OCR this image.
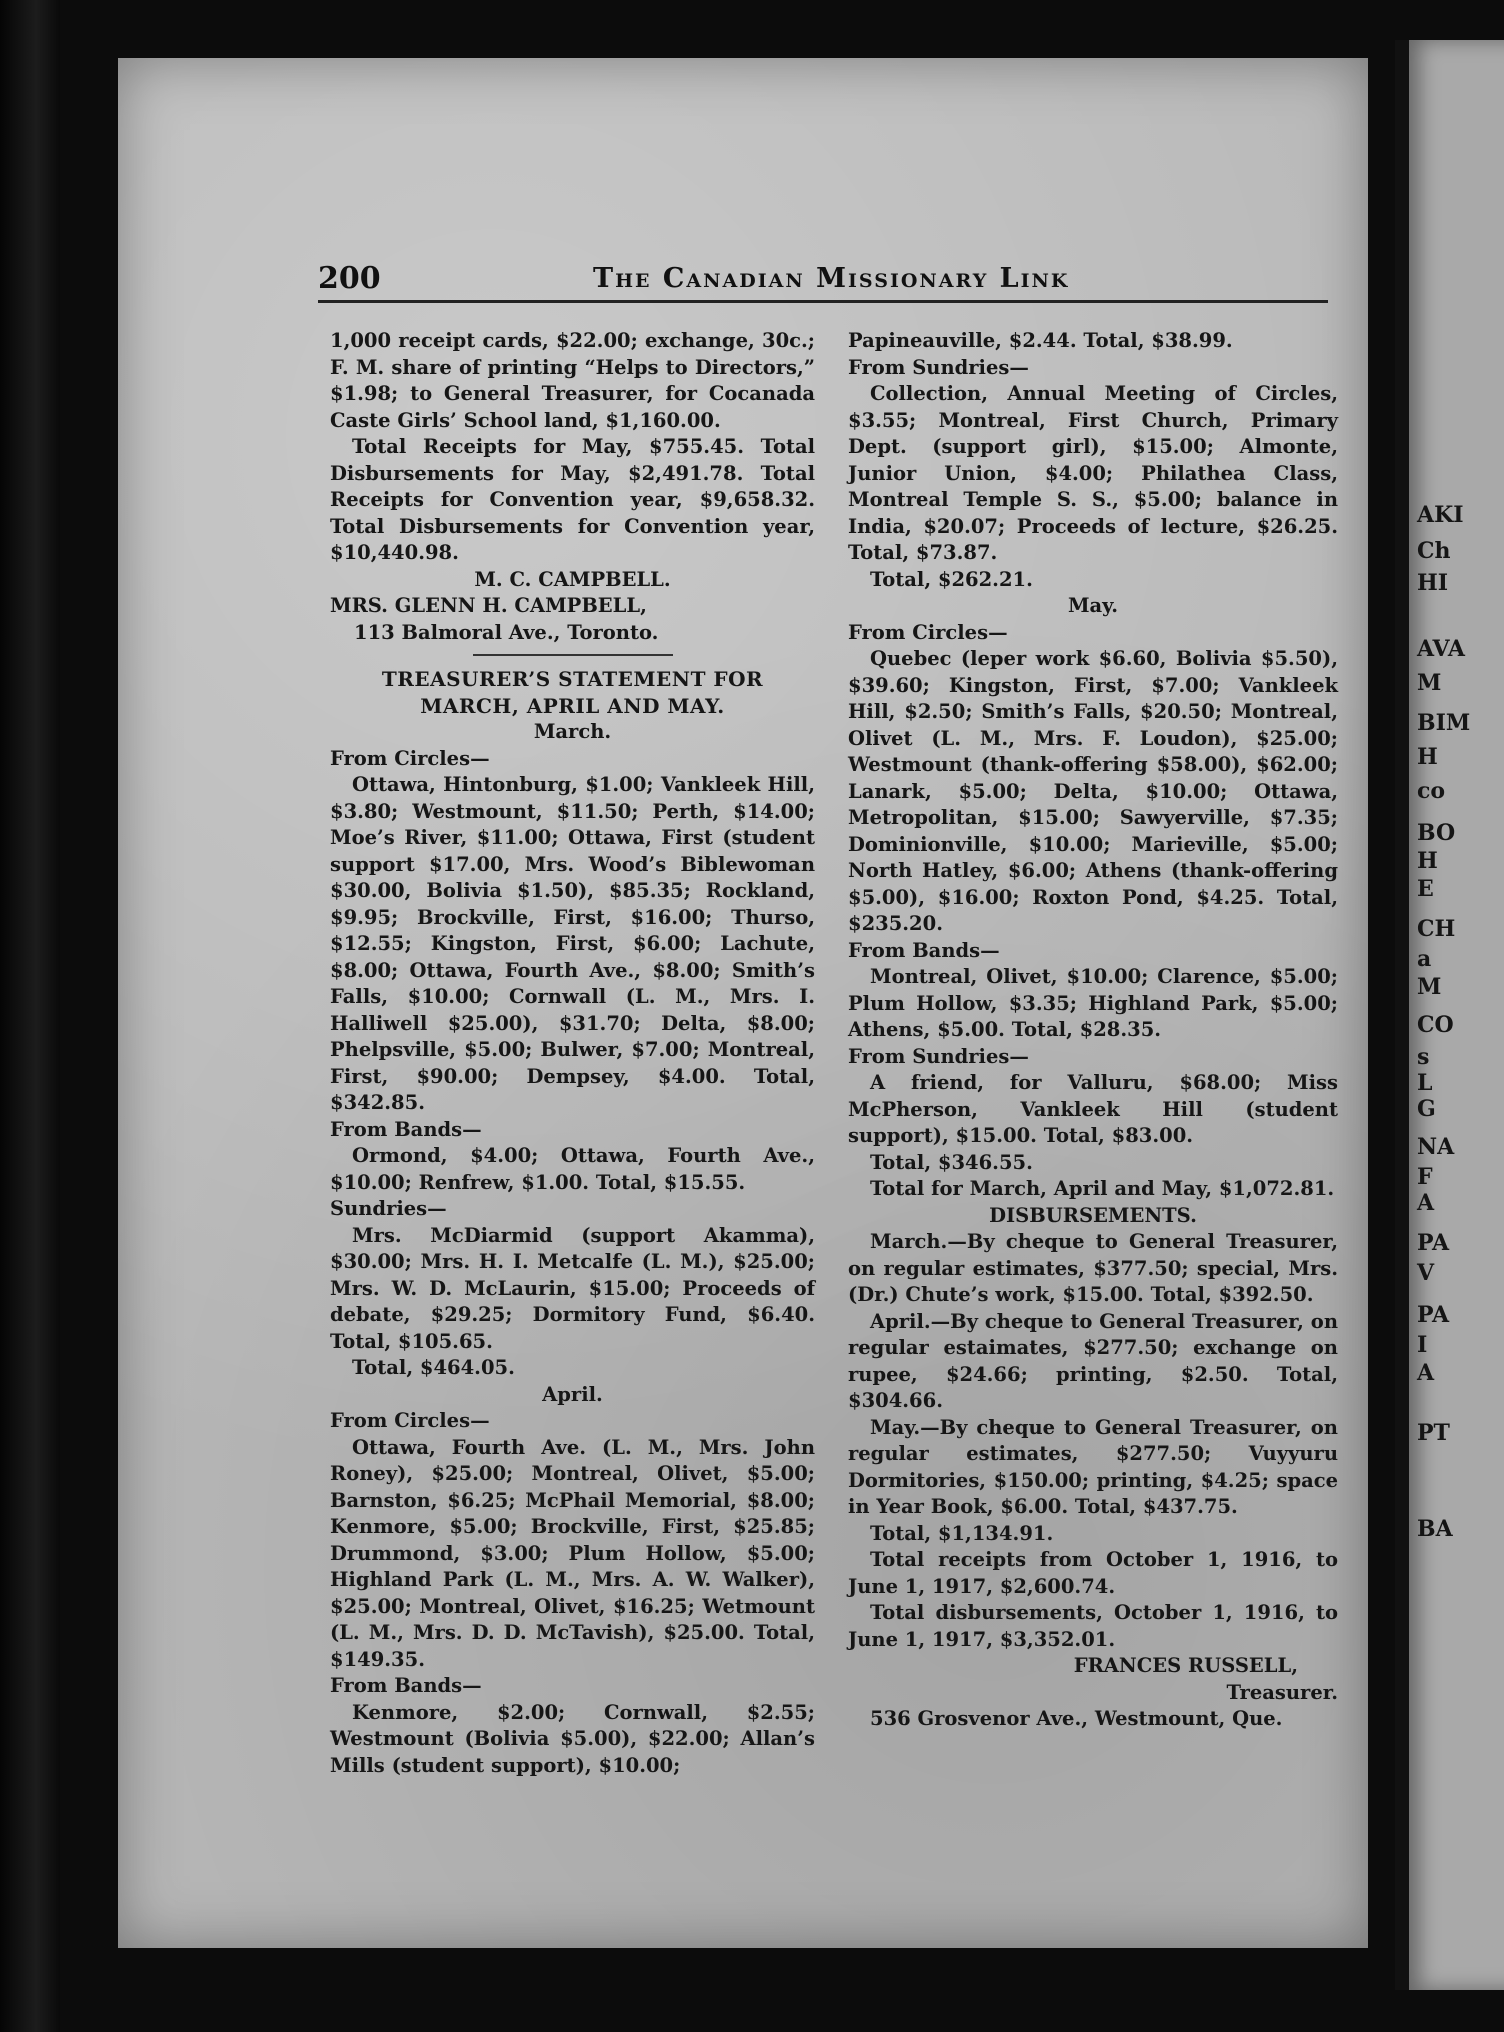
AKI
Ch
HI
AVA
M
BIM
H
co
BO
H
E
CH
a
M
CO
s
L
G
NA
F
A
PA
V
PA
I
A
PT
BA
200	The Canadian Missionary Link

1,000 receipt cards, $22.00; exchange, 30c.; F. M. share of printing “Helps to Directors,” $1.98; to General Treasurer, for Cocanada Caste Girls’ School land, $1,160.00.

Total Receipts for May, $755.45. Total Disbursements for May, $2,491.78. Total Receipts for Convention year, $9,658.32. Total Disbursements for Convention year, $10,440.98.

M. C. CAMPBELL.

MRS. GLENN H. CAMPBELL,

113 Balmoral Ave., Toronto.

TREASURER’S STATEMENT FOR

MARCH, APRIL AND MAY.

March.

From Circles—

Ottawa, Hintonburg, $1.00; Vankleek Hill, $3.80; Westmount, $11.50; Perth, $14.00; Moe’s River, $11.00; Ottawa, First (student support $17.00, Mrs. Wood’s Biblewoman $30.00, Bolivia $1.50), $85.35; Rockland, $9.95; Brockville, First, $16.00; Thurso, $12.55; Kingston, First, $6.00; Lachute, $8.00; Ottawa, Fourth Ave., $8.00; Smith’s Falls, $10.00; Cornwall (L. M., Mrs. I. Halliwell $25.00), $31.70; Delta, $8.00; Phelpsville, $5.00; Bulwer, $7.00; Montreal, First, $90.00; Dempsey, $4.00. Total, $342.85.

From Bands—

Ormond, $4.00; Ottawa, Fourth Ave., $10.00; Renfrew, $1.00. Total, $15.55.

Sundries—

Mrs. McDiarmid (support Akamma), $30.00; Mrs. H. I. Metcalfe (L. M.), $25.00; Mrs. W. D. McLaurin, $15.00; Proceeds of debate, $29.25; Dormitory Fund, $6.40. Total, $105.65.

Total, $464.05.

April.

From Circles—

Ottawa, Fourth Ave. (L. M., Mrs. John Roney), $25.00; Montreal, Olivet, $5.00; Barnston, $6.25; McPhail Memorial, $8.00; Kenmore, $5.00; Brockville, First, $25.85; Drummond, $3.00; Plum Hollow, $5.00; Highland Park (L. M., Mrs. A. W. Walker), $25.00; Montreal, Olivet, $16.25; Wetmount (L. M., Mrs. D. D. McTavish), $25.00. Total, $149.35.

From Bands—

Kenmore, $2.00; Cornwall, $2.55; Westmount (Bolivia $5.00), $22.00; Allan’s Mills (student support), $10.00;

Papineauville, $2.44. Total, $38.99.

From Sundries—

Collection, Annual Meeting of Circles, $3.55; Montreal, First Church, Primary Dept. (support girl), $15.00; Almonte, Junior Union, $4.00; Philathea Class, Montreal Temple S. S., $5.00; balance in India, $20.07; Proceeds of lecture, $26.25. Total, $73.87.

Total, $262.21.

May.

From Circles—

Quebec (leper work $6.60, Bolivia $5.50), $39.60; Kingston, First, $7.00; Vankleek Hill, $2.50; Smith’s Falls, $20.50; Montreal, Olivet (L. M., Mrs. F. Loudon), $25.00; Westmount (thank-offering $58.00), $62.00; Lanark, $5.00; Delta, $10.00; Ottawa, Metropolitan, $15.00; Sawyerville, $7.35; Dominionville, $10.00; Marieville, $5.00; North Hatley, $6.00; Athens (thank-offering $5.00), $16.00; Roxton Pond, $4.25. Total, $235.20.

From Bands—

Montreal, Olivet, $10.00; Clarence, $5.00; Plum Hollow, $3.35; Highland Park, $5.00; Athens, $5.00. Total, $28.35.

From Sundries—

A friend, for Valluru, $68.00; Miss McPherson, Vankleek Hill (student support), $15.00. Total, $83.00.

Total, $346.55.

Total for March, April and May, $1,072.81.

DISBURSEMENTS.

March.—By cheque to General Treasurer, on regular estimates, $377.50; special, Mrs. (Dr.) Chute’s work, $15.00. Total, $392.50.

April.—By cheque to General Treasurer, on regular estaimates, $277.50; exchange on rupee, $24.66; printing, $2.50. Total, $304.66.

May.—By cheque to General Treasurer, on regular estimates, $277.50; Vuyyuru Dormitories, $150.00; printing, $4.25; space in Year Book, $6.00. Total, $437.75.

Total, $1,134.91.

Total receipts from October 1, 1916, to June 1, 1917, $2,600.74.

Total disbursements, October 1, 1916, to June 1, 1917, $3,352.01.

FRANCES RUSSELL,

Treasurer.

536 Grosvenor Ave., Westmount, Que.
